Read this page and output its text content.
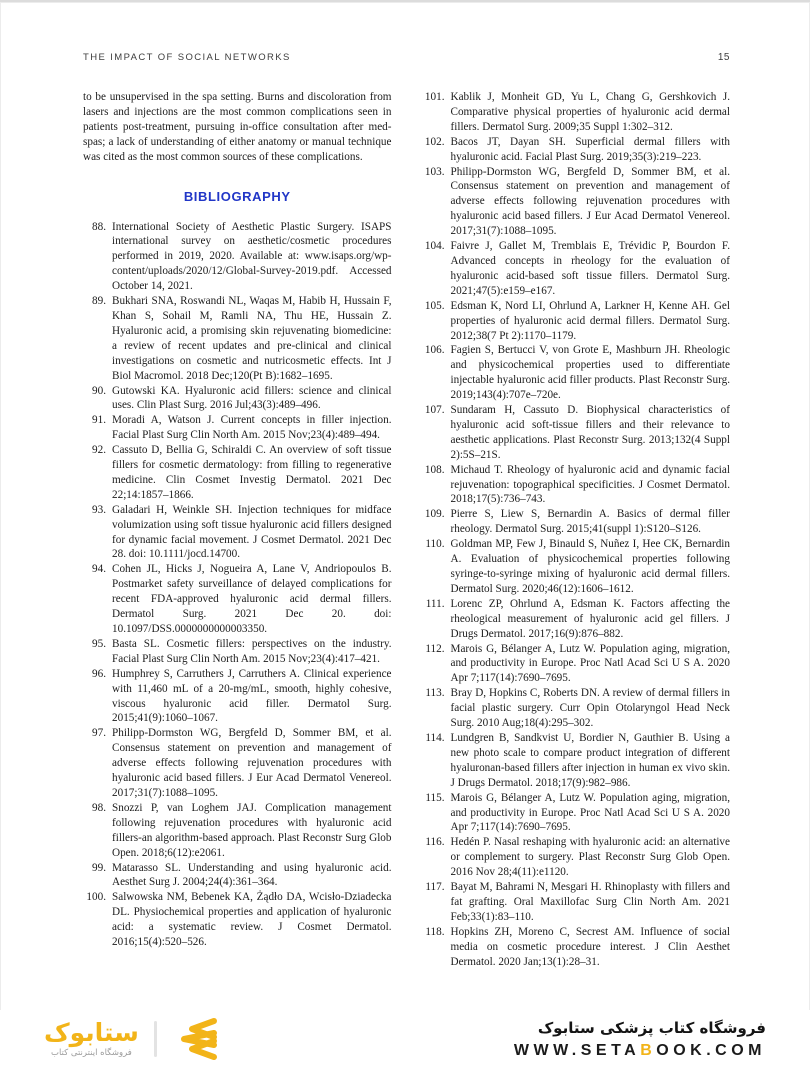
THE IMPACT OF SOCIAL NETWORKS	15

to be unsupervised in the spa setting. Burns and discoloration from lasers and injections are the most common complications seen in patients post-treatment, pursuing in-office consultation after med-spas; a lack of understanding of either anatomy or manual technique was cited as the most common sources of these complications.

BIBLIOGRAPHY
88. International Society of Aesthetic Plastic Surgery. ISAPS international survey on aesthetic/cosmetic procedures performed in 2019, 2020. Available at: www.isaps.org/wp-content/uploads/2020/12/Global-Survey-2019.pdf. Accessed October 14, 2021.
89. Bukhari SNA, Roswandi NL, Waqas M, Habib H, Hussain F, Khan S, Sohail M, Ramli NA, Thu HE, Hussain Z. Hyaluronic acid, a promising skin rejuvenating biomedicine: a review of recent updates and pre-clinical and clinical investigations on cosmetic and nutricosmetic effects. Int J Biol Macromol. 2018 Dec;120(Pt B):1682–1695.
90. Gutowski KA. Hyaluronic acid fillers: science and clinical uses. Clin Plast Surg. 2016 Jul;43(3):489–496.
91. Moradi A, Watson J. Current concepts in filler injection. Facial Plast Surg Clin North Am. 2015 Nov;23(4):489–494.
92. Cassuto D, Bellia G, Schiraldi C. An overview of soft tissue fillers for cosmetic dermatology: from filling to regenerative medicine. Clin Cosmet Investig Dermatol. 2021 Dec 22;14:1857–1866.
93. Galadari H, Weinkle SH. Injection techniques for midface volumization using soft tissue hyaluronic acid fillers designed for dynamic facial movement. J Cosmet Dermatol. 2021 Dec 28. doi: 10.1111/jocd.14700.
94. Cohen JL, Hicks J, Nogueira A, Lane V, Andriopoulos B. Postmarket safety surveillance of delayed complications for recent FDA-approved hyaluronic acid dermal fillers. Dermatol Surg. 2021 Dec 20. doi: 10.1097/DSS.0000000000003350.
95. Basta SL. Cosmetic fillers: perspectives on the industry. Facial Plast Surg Clin North Am. 2015 Nov;23(4):417–421.
96. Humphrey S, Carruthers J, Carruthers A. Clinical experience with 11,460 mL of a 20-mg/mL, smooth, highly cohesive, viscous hyaluronic acid filler. Dermatol Surg. 2015;41(9):1060–1067.
97. Philipp-Dormston WG, Bergfeld D, Sommer BM, et al. Consensus statement on prevention and management of adverse effects following rejuvenation procedures with hyaluronic acid based fillers. J Eur Acad Dermatol Venereol. 2017;31(7):1088–1095.
98. Snozzi P, van Loghem JAJ. Complication management following rejuvenation procedures with hyaluronic acid fillers-an algorithm-based approach. Plast Reconstr Surg Glob Open. 2018;6(12):e2061.
99. Matarasso SL. Understanding and using hyaluronic acid. Aesthet Surg J. 2004;24(4):361–364.
100. Salwowska NM, Bebenek KA, Żądło DA, Wcisło-Dziadecka DL. Physiochemical properties and application of hyaluronic acid: a systematic review. J Cosmet Dermatol. 2016;15(4):520–526.
101. Kablik J, Monheit GD, Yu L, Chang G, Gershkovich J. Comparative physical properties of hyaluronic acid dermal fillers. Dermatol Surg. 2009;35 Suppl 1:302–312.
102. Bacos JT, Dayan SH. Superficial dermal fillers with hyaluronic acid. Facial Plast Surg. 2019;35(3):219–223.
103. Philipp-Dormston WG, Bergfeld D, Sommer BM, et al. Consensus statement on prevention and management of adverse effects following rejuvenation procedures with hyaluronic acid based fillers. J Eur Acad Dermatol Venereol. 2017;31(7):1088–1095.
104. Faivre J, Gallet M, Tremblais E, Trévidic P, Bourdon F. Advanced concepts in rheology for the evaluation of hyaluronic acid-based soft tissue fillers. Dermatol Surg. 2021;47(5):e159–e167.
105. Edsman K, Nord LI, Ohrlund A, Larkner H, Kenne AH. Gel properties of hyaluronic acid dermal fillers. Dermatol Surg. 2012;38(7 Pt 2):1170–1179.
106. Fagien S, Bertucci V, von Grote E, Mashburn JH. Rheologic and physicochemical properties used to differentiate injectable hyaluronic acid filler products. Plast Reconstr Surg. 2019;143(4):707e–720e.
107. Sundaram H, Cassuto D. Biophysical characteristics of hyaluronic acid soft-tissue fillers and their relevance to aesthetic applications. Plast Reconstr Surg. 2013;132(4 Suppl 2):5S–21S.
108. Michaud T. Rheology of hyaluronic acid and dynamic facial rejuvenation: topographical specificities. J Cosmet Dermatol. 2018;17(5):736–743.
109. Pierre S, Liew S, Bernardin A. Basics of dermal filler rheology. Dermatol Surg. 2015;41(suppl 1):S120–S126.
110. Goldman MP, Few J, Binauld S, Nuñez I, Hee CK, Bernardin A. Evaluation of physicochemical properties following syringe-to-syringe mixing of hyaluronic acid dermal fillers. Dermatol Surg. 2020;46(12):1606–1612.
111. Lorenc ZP, Ohrlund A, Edsman K. Factors affecting the rheological measurement of hyaluronic acid gel fillers. J Drugs Dermatol. 2017;16(9):876–882.
112. Marois G, Bélanger A, Lutz W. Population aging, migration, and productivity in Europe. Proc Natl Acad Sci U S A. 2020 Apr 7;117(14):7690–7695.
113. Bray D, Hopkins C, Roberts DN. A review of dermal fillers in facial plastic surgery. Curr Opin Otolaryngol Head Neck Surg. 2010 Aug;18(4):295–302.
114. Lundgren B, Sandkvist U, Bordier N, Gauthier B. Using a new photo scale to compare product integration of different hyaluronan-based fillers after injection in human ex vivo skin. J Drugs Dermatol. 2018;17(9):982–986.
115. Marois G, Bélanger A, Lutz W. Population aging, migration, and productivity in Europe. Proc Natl Acad Sci U S A. 2020 Apr 7;117(14):7690–7695.
116. Hedén P. Nasal reshaping with hyaluronic acid: an alternative or complement to surgery. Plast Reconstr Surg Glob Open. 2016 Nov 28;4(11):e1120.
117. Bayat M, Bahrami N, Mesgari H. Rhinoplasty with fillers and fat grafting. Oral Maxillofac Surg Clin North Am. 2021 Feb;33(1):83–110.
118. Hopkins ZH, Moreno C, Secrest AM. Influence of social media on cosmetic procedure interest. J Clin Aesthet Dermatol. 2020 Jan;13(1):28–31.
ستابوک
فروشگاه اینترنتی کتاب
فروشگاه کتاب پزشکی ستابوک
WWW.SETABOOK.COM
